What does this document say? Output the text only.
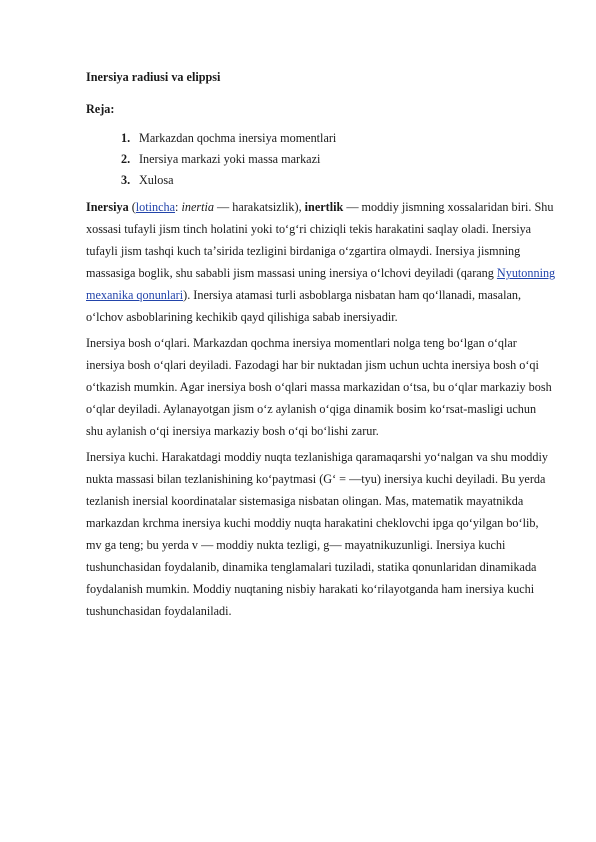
Inersiya radiusi va elippsi
Reja:
1. Markazdan qochma inersiya momentlari
2. Inersiya markazi yoki massa markazi
3. Xulosa

Inersiya (lotincha: inertia — harakatsizlik), inertlik — moddiy jismning xossalaridan biri. Shu xossasi tufayli jism tinch holatini yoki toʻgʻri chiziqli tekis harakatini saqlay oladi. Inersiya tufayli jism tashqi kuch taʼsirida tezligini birdaniga oʻzgartira olmaydi. Inersiya jismning massasiga boglik, shu sababli jism massasi uning inersiya oʻlchovi deyiladi (qarang Nyutonning mexanika qonunlari). Inersiya atamasi turli asboblarga nisbatan ham qoʻllanadi, masalan, oʻlchov asboblarining kechikib qayd qilishiga sabab inersiyadir.

Inersiya bosh oʻqlari. Markazdan qochma inersiya momentlari nolga teng boʻlgan oʻqlar inersiya bosh oʻqlari deyiladi. Fazodagi har bir nuktadan jism uchun uchta inersiya bosh oʻqi oʻtkazish mumkin. Agar inersiya bosh oʻqlari massa markazidan oʻtsa, bu oʻqlar markaziy bosh oʻqlar deyiladi. Aylanayotgan jism oʻz aylanish oʻqiga dinamik bosim koʻrsat-masligi uchun shu aylanish oʻqi inersiya markaziy bosh oʻqi boʻlishi zarur.

Inersiya kuchi. Harakatdagi moddiy nuqta tezlanishiga qaramaqarshi yoʻnalgan va shu moddiy nukta massasi bilan tezlanishining koʻpaytmasi (Gʻ = —tyu) inersiya kuchi deyiladi. Bu yerda tezlanish inersial koordinatalar sistemasiga nisbatan olingan. Mas, matematik mayatnikda markazdan krchma inersiya kuchi moddiy nuqta harakatini cheklovchi ipga qoʻyilgan boʻlib, mv ga teng; bu yerda v — moddiy nukta tezligi, g— mayatnikuzunligi. Inersiya kuchi tushunchasidan foydalanib, dinamika tenglamalari tuziladi, statika qonunlaridan dinamikada foydalanish mumkin. Moddiy nuqtaning nisbiy harakati koʻrilayotganda ham inersiya kuchi tushunchasidan foydalaniladi.
